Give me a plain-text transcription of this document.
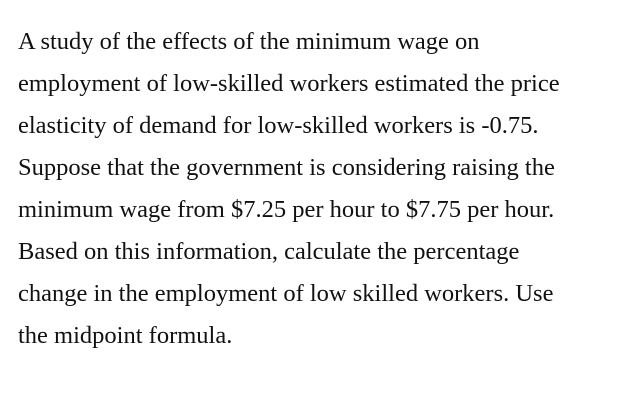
A study of the effects of the minimum wage on
employment of low-skilled workers estimated the price
elasticity of demand for low-skilled workers is -0.75.
Suppose that the government is considering raising the
minimum wage from $7.25 per hour to $7.75 per hour.
Based on this information, calculate the percentage
change in the employment of low skilled workers. Use
the midpoint formula.
